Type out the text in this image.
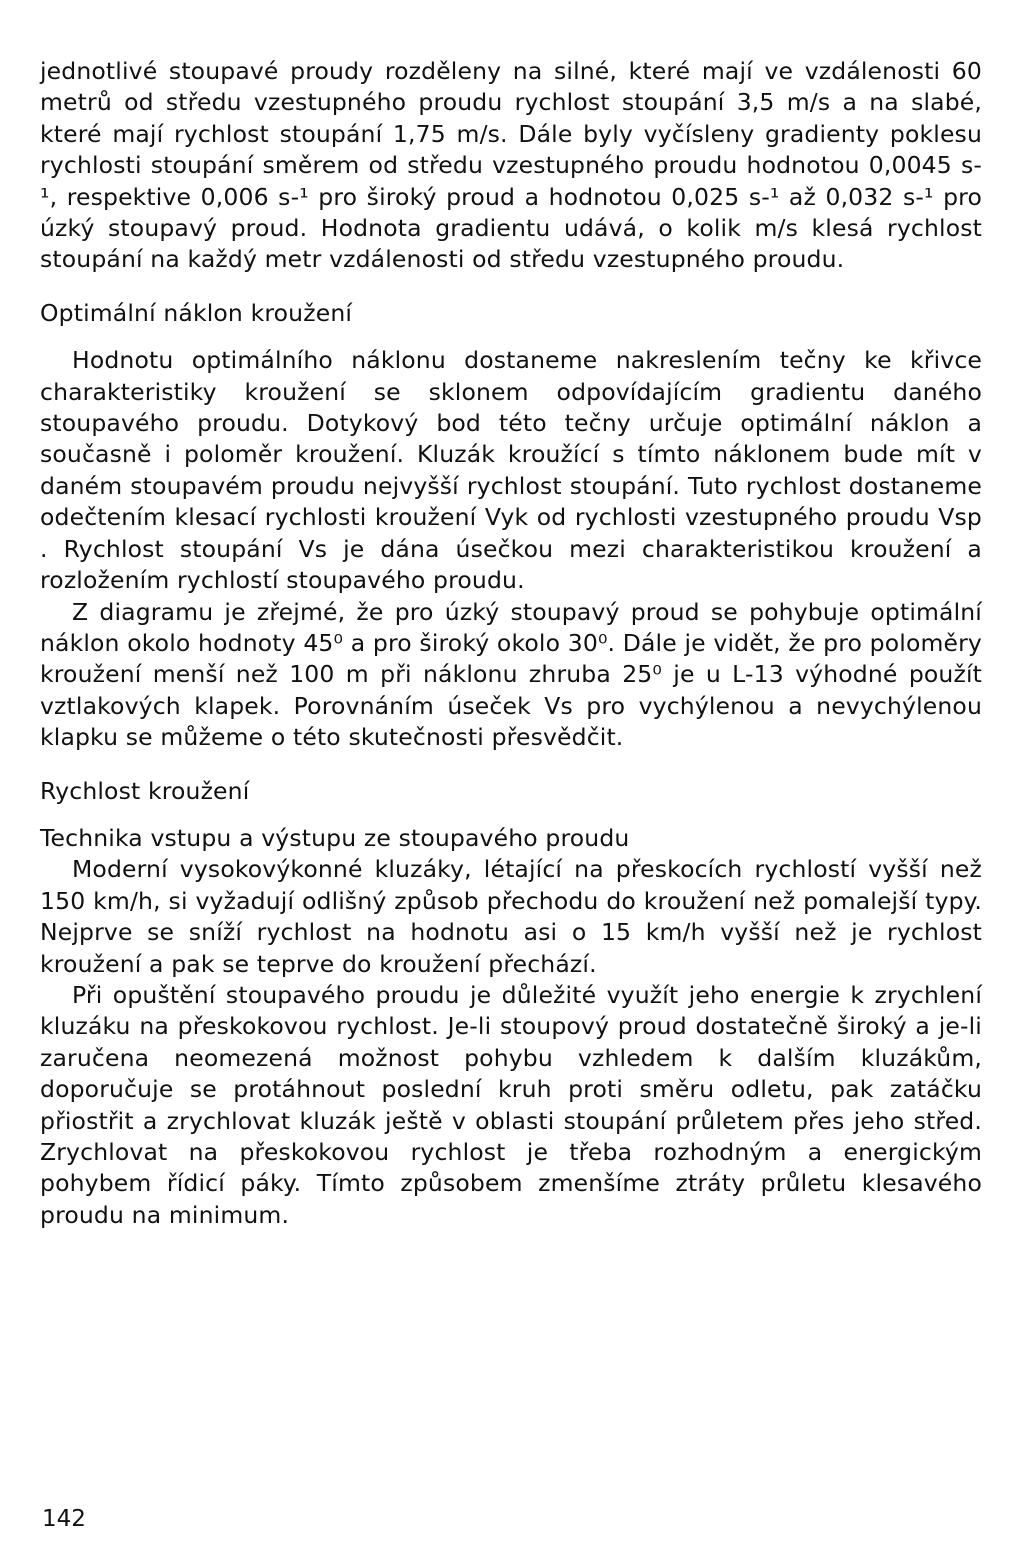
jednotlivé stoupavé proudy rozděleny na silné, které mají ve vzdálenosti 60 metrů od středu vzestupného proudu rychlost stoupání 3,5 m/s a na slabé, které mají rychlost stoupání 1,75 m/s. Dále byly vyčísleny gradienty poklesu rychlosti stoupání směrem od středu vzestupného proudu hodnotou 0,0045 s-¹, respektive 0,006 s-¹ pro široký proud a hodnotou 0,025 s-¹ až 0,032 s-¹ pro úzký stoupavý proud. Hodnota gradientu udává, o kolik m/s klesá rychlost stoupání na každý metr vzdálenosti od středu vzestupného proudu.

Optimální náklon kroužení

Hodnotu optimálního náklonu dostaneme nakreslením tečny ke křivce charakteristiky kroužení se sklonem odpovídajícím gradientu daného stoupavého proudu. Dotykový bod této tečny určuje optimální náklon a současně i poloměr kroužení. Kluzák kroužící s tímto náklonem bude mít v daném stoupavém proudu nejvyšší rychlost stoupání. Tuto rychlost dostaneme odečtením klesací rychlosti kroužení Vyk od rychlosti vzestupného proudu Vsp . Rychlost stoupání Vs je dána úsečkou mezi charakteristikou kroužení a rozložením rychlostí stoupavého proudu.

Z diagramu je zřejmé, že pro úzký stoupavý proud se pohybuje optimální náklon okolo hodnoty 45⁰ a pro široký okolo 30⁰. Dále je vidět, že pro poloměry kroužení menší než 100 m při náklonu zhruba 25⁰ je u L-13 výhodné použít vztlakových klapek. Porovnáním úseček Vs pro vychýlenou a nevychýlenou klapku se můžeme o této skutečnosti přesvědčit.

Rychlost kroužení
Technika vstupu a výstupu ze stoupavého proudu

Moderní vysokovýkonné kluzáky, létající na přeskocích rychlostí vyšší než 150 km/h, si vyžadují odlišný způsob přechodu do kroužení než pomalejší typy. Nejprve se sníží rychlost na hodnotu asi o 15 km/h vyšší než je rychlost kroužení a pak se teprve do kroužení přechází.

Při opuštění stoupavého proudu je důležité využít jeho energie k zrychlení kluzáku na přeskokovou rychlost. Je-li stoupový proud dostatečně široký a je-li zaručena neomezená možnost pohybu vzhledem k dalším kluzákům, doporučuje se protáhnout poslední kruh proti směru odletu, pak zatáčku přiostřit a zrychlovat kluzák ještě v oblasti stoupání průletem přes jeho střed. Zrychlovat na přeskokovou rychlost je třeba rozhodným a energickým pohybem řídicí páky. Tímto způsobem zmenšíme ztráty průletu klesavého proudu na minimum.

142
